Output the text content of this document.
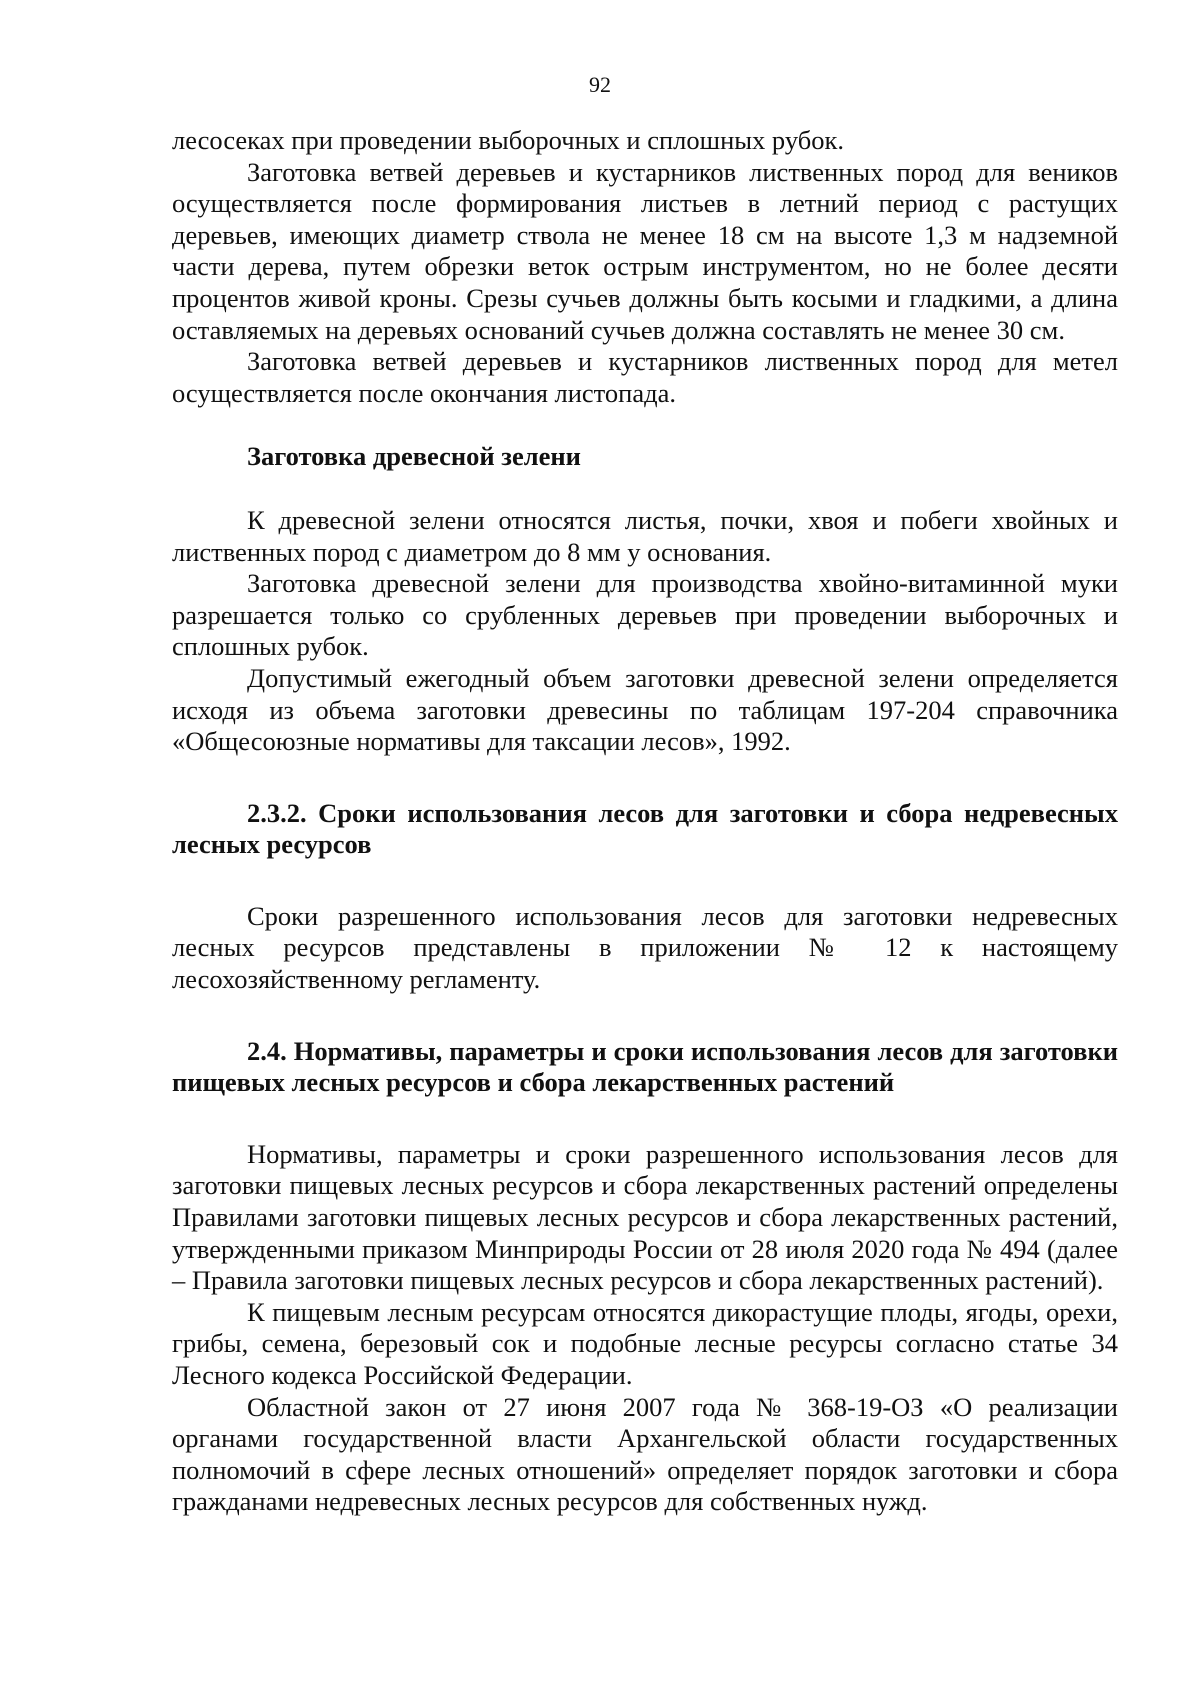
92

лесосеках при проведении выборочных и сплошных рубок.

Заготовка ветвей деревьев и кустарников лиственных пород для веников осуществляется после формирования листьев в летний период с растущих деревьев, имеющих диаметр ствола не менее 18 см на высоте 1,3 м надземной части дерева, путем обрезки веток острым инструментом, но не более десяти процентов живой кроны. Срезы сучьев должны быть косыми и гладкими, а длина оставляемых на деревьях оснований сучьев должна составлять не менее 30 см.

Заготовка ветвей деревьев и кустарников лиственных пород для метел осуществляется после окончания листопада.

Заготовка древесной зелени

К древесной зелени относятся листья, почки, хвоя и побеги хвойных и лиственных пород с диаметром до 8 мм у основания.

Заготовка древесной зелени для производства хвойно-витаминной муки разрешается только со срубленных деревьев при проведении выборочных и сплошных рубок.

Допустимый ежегодный объем заготовки древесной зелени определяется исходя из объема заготовки древесины по таблицам 197-204 справочника «Общесоюзные нормативы для таксации лесов», 1992.

2.3.2. Сроки использования лесов для заготовки и сбора недревесных лесных ресурсов

Сроки разрешенного использования лесов для заготовки недревесных лесных ресурсов представлены в приложении № 12 к настоящему лесохозяйственному регламенту.

2.4. Нормативы, параметры и сроки использования лесов для заготовки пищевых лесных ресурсов и сбора лекарственных растений

Нормативы, параметры и сроки разрешенного использования лесов для заготовки пищевых лесных ресурсов и сбора лекарственных растений определены Правилами заготовки пищевых лесных ресурсов и сбора лекарственных растений, утвержденными приказом Минприроды России от 28 июля 2020 года № 494 (далее – Правила заготовки пищевых лесных ресурсов и сбора лекарственных растений).

К пищевым лесным ресурсам относятся дикорастущие плоды, ягоды, орехи, грибы, семена, березовый сок и подобные лесные ресурсы согласно статье 34 Лесного кодекса Российской Федерации.

Областной закон от 27 июня 2007 года № 368-19-ОЗ «О реализации органами государственной власти Архангельской области государственных полномочий в сфере лесных отношений» определяет порядок заготовки и сбора гражданами недревесных лесных ресурсов для собственных нужд.
